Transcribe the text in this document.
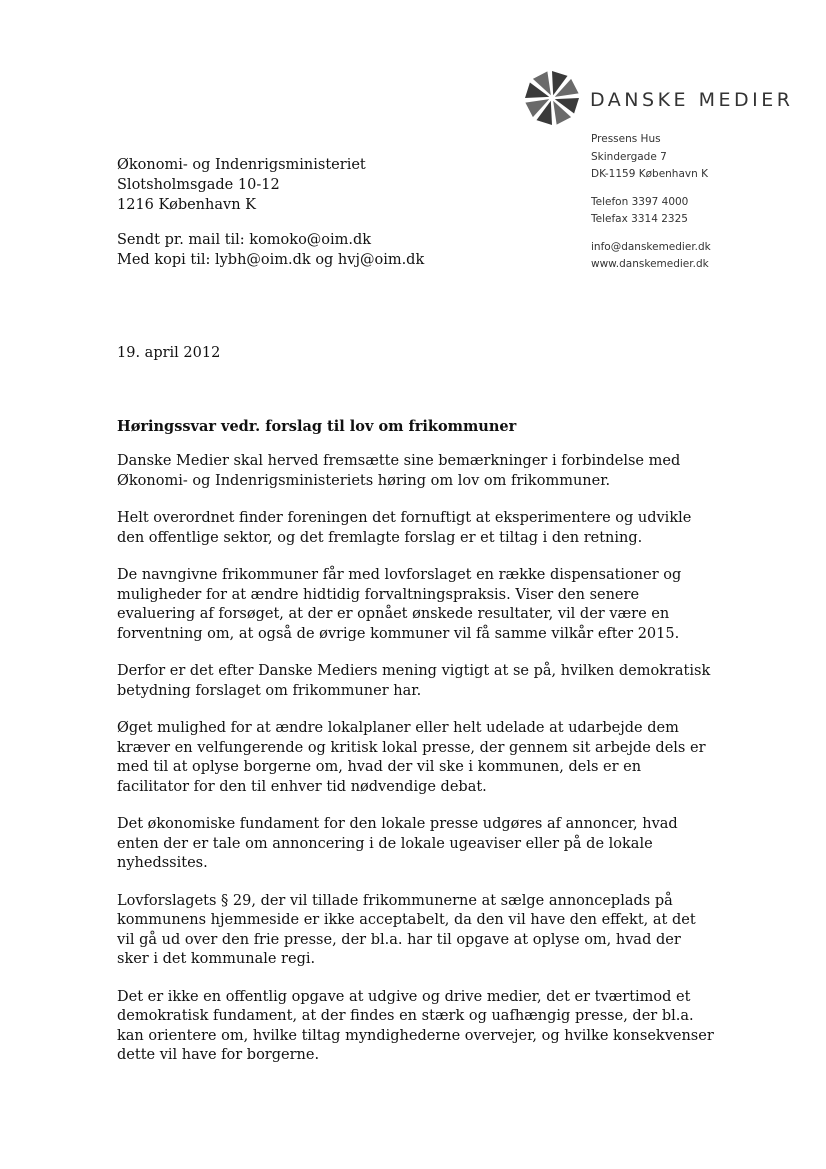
DANSKE MEDIER
Pressens Hus
Skindergade 7
DK-1159 København K
Telefon 3397 4000
Telefax 3314 2325
info@danskemedier.dk
www.danskemedier.dk
Økonomi- og Indenrigsministeriet
Slotsholmsgade 10-12
1216 København K
Sendt pr. mail til: komoko@oim.dk
Med kopi til: lybh@oim.dk og hvj@oim.dk
19. april 2012
Høringssvar vedr. forslag til lov om frikommuner

Danske Medier skal herved fremsætte sine bemærkninger i forbindelse med Økonomi- og Indenrigsministeriets høring om lov om frikommuner.

Helt overordnet finder foreningen det fornuftigt at eksperimentere og udvikle den offentlige sektor, og det fremlagte forslag er et tiltag i den retning.

De navngivne frikommuner får med lovforslaget en række dispensationer og muligheder for at ændre hidtidig forvaltningspraksis. Viser den senere evaluering af forsøget, at der er opnået ønskede resultater, vil der være en forventning om, at også de øvrige kommuner vil få samme vilkår efter 2015.

Derfor er det efter Danske Mediers mening vigtigt at se på, hvilken demokratisk betydning forslaget om frikommuner har.

Øget mulighed for at ændre lokalplaner eller helt udelade at udarbejde dem kræver en velfungerende og kritisk lokal presse, der gennem sit arbejde dels er med til at oplyse borgerne om, hvad der vil ske i kommunen, dels er en facilitator for den til enhver tid nødvendige debat.

Det økonomiske fundament for den lokale presse udgøres af annoncer, hvad enten der er tale om annoncering i de lokale ugeaviser eller på de lokale nyhedssites.

Lovforslagets § 29, der vil tillade frikommunerne at sælge annonceplads på kommunens hjemmeside er ikke acceptabelt, da den vil have den effekt, at det vil gå ud over den frie presse, der bl.a. har til opgave at oplyse om, hvad der sker i det kommunale regi.

Det er ikke en offentlig opgave at udgive og drive medier, det er tværtimod et demokratisk fundament, at der findes en stærk og uafhængig presse, der bl.a. kan orientere om, hvilke tiltag myndighederne overvejer, og hvilke konsekvenser dette vil have for borgerne.
